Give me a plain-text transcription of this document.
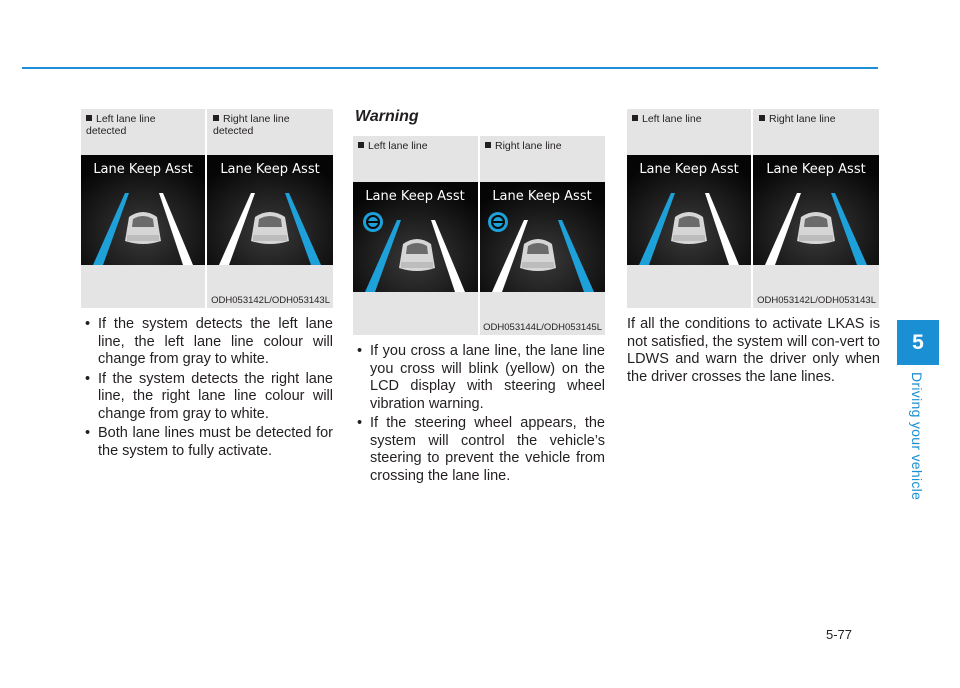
Left lane line detected
Right lane line detected
Lane Keep Asst Lane Keep Asst
ODH053142L/ODH053143L
• If the system detects the left lane line, the left lane line colour will change from gray to white.
• If the system detects the right lane line, the right lane line colour will change from gray to white.
• Both lane lines must be detected for the system to fully activate.
Warning
Left lane line	Right lane line
Lane Keep Asst Lane Keep Asst
ODH053144L/ODH053145L
• If you cross a lane line, the lane line you cross will blink (yellow) on the LCD display with steering wheel vibration warning.
• If the steering wheel appears, the system will control the vehicle’s steering to prevent the vehicle from crossing the lane line.
Left lane line	Right lane line
Lane Keep Asst Lane Keep Asst
ODH053142L/ODH053143L

If all the conditions to activate LKAS is not satisfied, the system will con-vert to LDWS and warn the driver only when the driver crosses the lane lines.

5
Driving your vehicle
5-77
